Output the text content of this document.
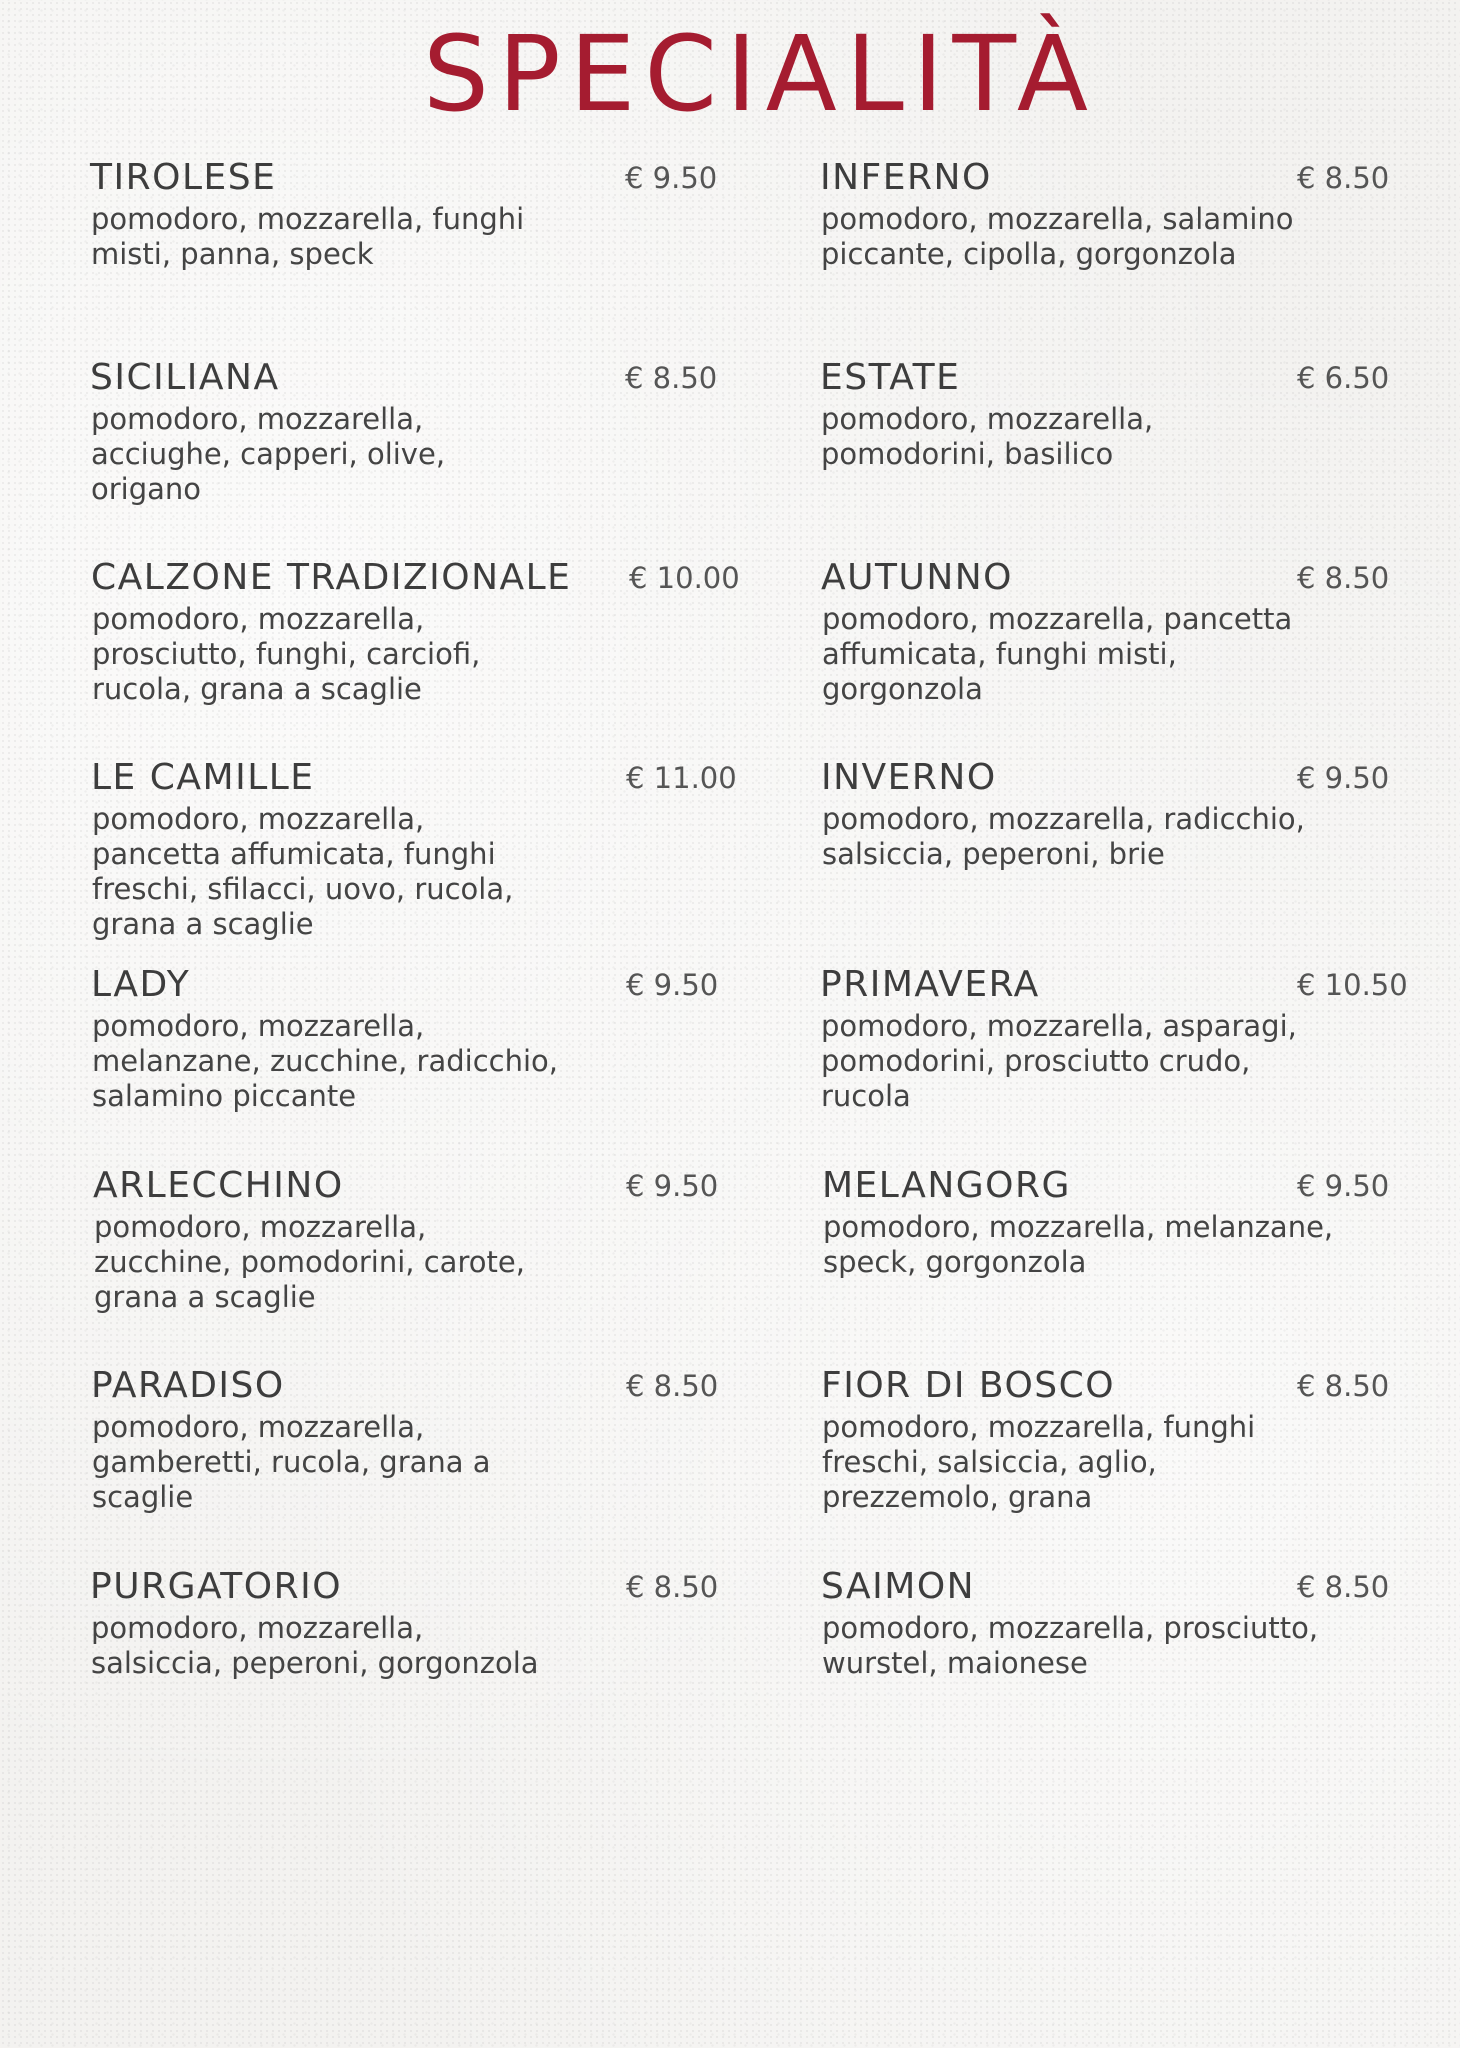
SPECIALITÀ
TIROLESE	€ 9.50
pomodoro, mozzarella, funghi misti, panna, speck
SICILIANA	€ 8.50
pomodoro, mozzarella, acciughe, capperi, olive, origano
CALZONE TRADIZIONALE € 10.00
pomodoro, mozzarella, prosciutto, funghi, carciofi, rucola, grana a scaglie
LE CAMILLE	€ 11.00
pomodoro, mozzarella, pancetta affumicata, funghi freschi, sfilacci, uovo, rucola, grana a scaglie
LADY	€ 9.50
pomodoro, mozzarella, melanzane, zucchine, radicchio, salamino piccante
ARLECCHINO	€ 9.50
pomodoro, mozzarella, zucchine, pomodorini, carote, grana a scaglie
PARADISO	€ 8.50
pomodoro, mozzarella, gamberetti, rucola, grana a scaglie
PURGATORIO	€ 8.50
pomodoro, mozzarella, salsiccia, peperoni, gorgonzola
INFERNO	€ 8.50
pomodoro, mozzarella, salamino piccante, cipolla, gorgonzola
ESTATE	€ 6.50
pomodoro, mozzarella, pomodorini, basilico
AUTUNNO	€ 8.50
pomodoro, mozzarella, pancetta affumicata, funghi misti, gorgonzola
INVERNO	€ 9.50
pomodoro, mozzarella, radicchio, salsiccia, peperoni, brie
PRIMAVERA	€ 10.50
pomodoro, mozzarella, asparagi, pomodorini, prosciutto crudo, rucola
MELANGORG	€ 9.50
pomodoro, mozzarella, melanzane, speck, gorgonzola
FIOR DI BOSCO	€ 8.50
pomodoro, mozzarella, funghi freschi, salsiccia, aglio, prezzemolo, grana
SAIMON	€ 8.50
pomodoro, mozzarella, prosciutto, wurstel, maionese
